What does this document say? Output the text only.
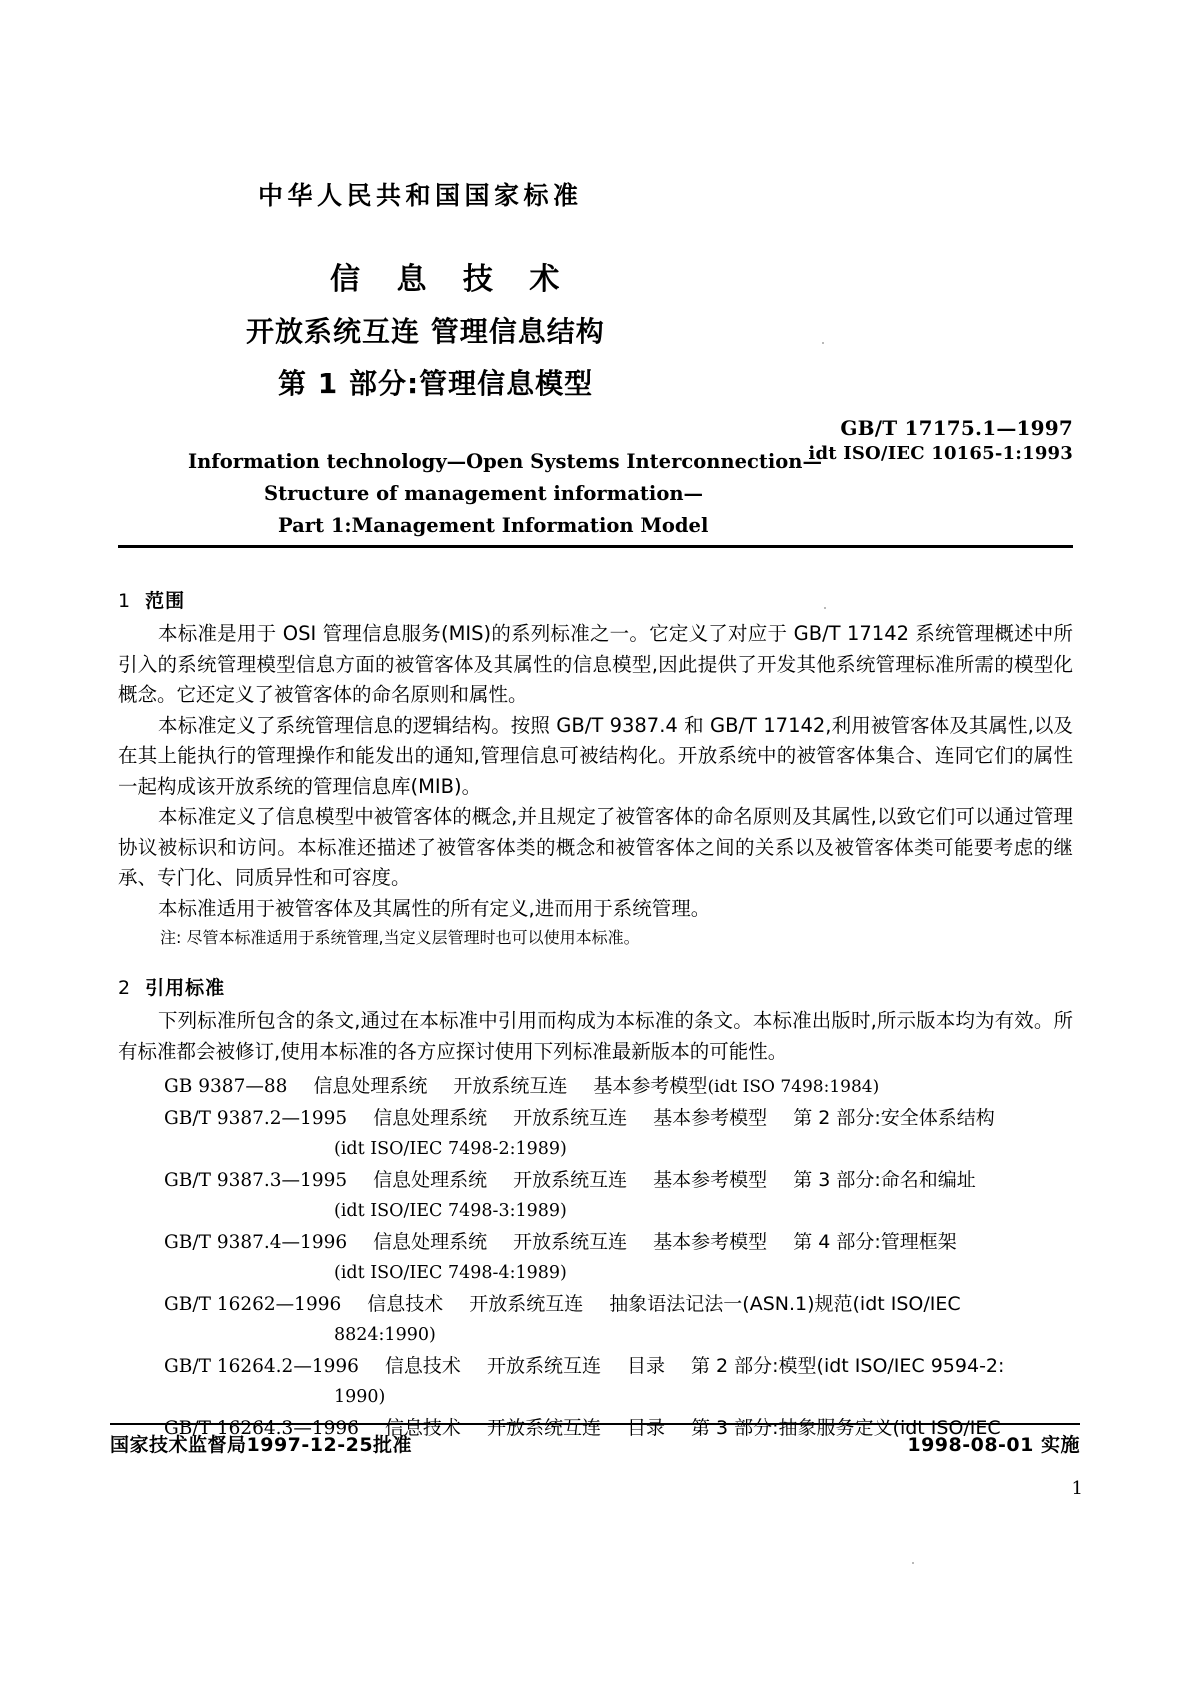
中华人民共和国国家标准
信 息 技 术
开放系统互连 管理信息结构
第 1 部分:管理信息模型
GB/T 17175.1—1997
idt ISO/IEC 10165-1:1993
Information technology—Open Systems Interconnection—
Structure of management information—
Part 1:Management Information Model
1 范围

本标准是用于 OSI 管理信息服务(MIS)的系列标准之一。它定义了对应于 GB/T 17142 系统管理概述中所引入的系统管理模型信息方面的被管客体及其属性的信息模型,因此提供了开发其他系统管理标准所需的模型化概念。它还定义了被管客体的命名原则和属性。

本标准定义了系统管理信息的逻辑结构。按照 GB/T 9387.4 和 GB/T 17142,利用被管客体及其属性,以及在其上能执行的管理操作和能发出的通知,管理信息可被结构化。开放系统中的被管客体集合、连同它们的属性一起构成该开放系统的管理信息库(MIB)。

本标准定义了信息模型中被管客体的概念,并且规定了被管客体的命名原则及其属性,以致它们可以通过管理协议被标识和访问。本标准还描述了被管客体类的概念和被管客体之间的关系以及被管客体类可能要考虑的继承、专门化、同质异性和可容度。

本标准适用于被管客体及其属性的所有定义,进而用于系统管理。

注: 尽管本标准适用于系统管理,当定义层管理时也可以使用本标准。

2 引用标准

下列标准所包含的条文,通过在本标准中引用而构成为本标准的条文。本标准出版时,所示版本均为有效。所有标准都会被修订,使用本标准的各方应探讨使用下列标准最新版本的可能性。

GB 9387—88 信息处理系统 开放系统互连 基本参考模型(idt ISO 7498:1984)
GB/T 9387.2—1995 信息处理系统 开放系统互连 基本参考模型 第 2 部分:安全体系结构
(idt ISO/IEC 7498-2:1989)
GB/T 9387.3—1995 信息处理系统 开放系统互连 基本参考模型 第 3 部分:命名和编址
(idt ISO/IEC 7498-3:1989)
GB/T 9387.4—1996 信息处理系统 开放系统互连 基本参考模型 第 4 部分:管理框架
(idt ISO/IEC 7498-4:1989)
GB/T 16262—1996 信息技术 开放系统互连 抽象语法记法一(ASN.1)规范(idt ISO/IEC
8824:1990)
GB/T 16264.2—1996 信息技术 开放系统互连 目录 第 2 部分:模型(idt ISO/IEC 9594-2:
1990)
GB/T 16264.3—1996 信息技术 开放系统互连 目录 第 3 部分:抽象服务定义(idt ISO/IEC
国家技术监督局1997-12-25批准	1998-08-01 实施
1
